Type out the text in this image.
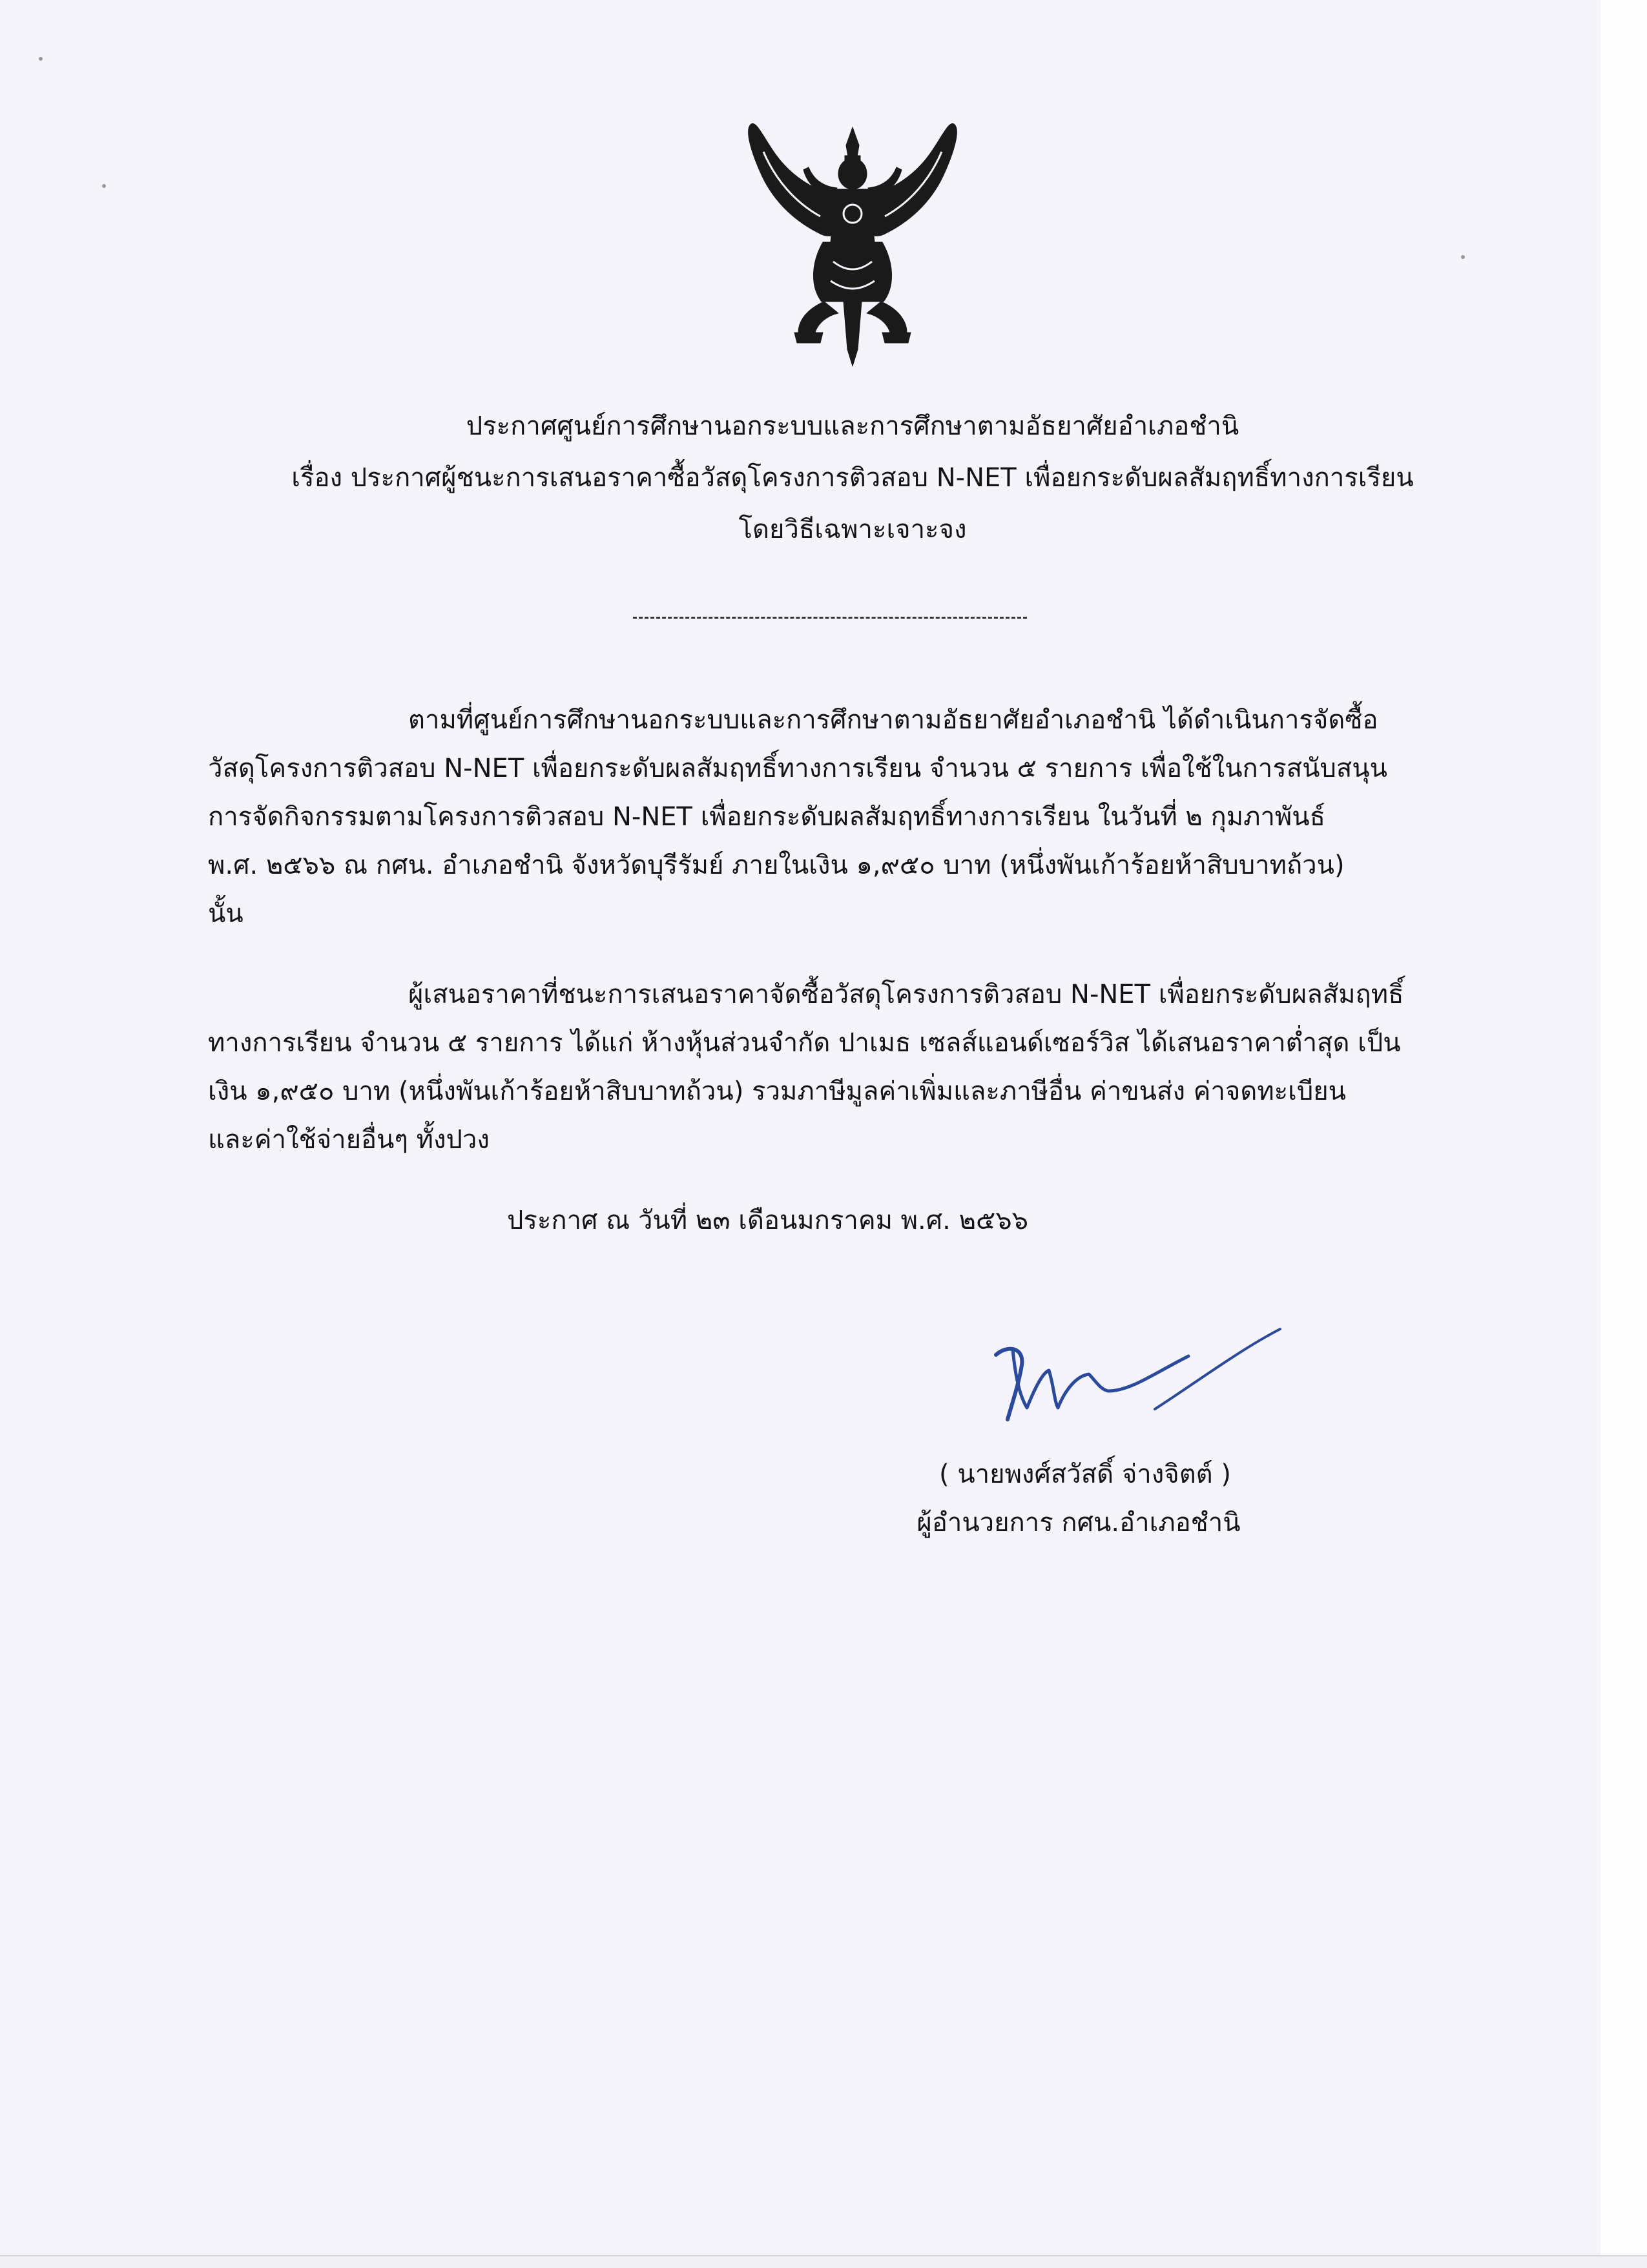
ประกาศศูนย์การศึกษานอกระบบและการศึกษาตามอัธยาศัยอำเภอชำนิ
เรื่อง ประกาศผู้ชนะการเสนอราคาซื้อวัสดุโครงการติวสอบ N-NET เพื่อยกระดับผลสัมฤทธิ์ทางการเรียน
โดยวิธีเฉพาะเจาะจง
ตามที่ศูนย์การศึกษานอกระบบและการศึกษาตามอัธยาศัยอำเภอชำนิ ได้ดำเนินการจัดซื้อ
วัสดุโครงการติวสอบ N-NET เพื่อยกระดับผลสัมฤทธิ์ทางการเรียน จำนวน ๕ รายการ เพื่อใช้ในการสนับสนุน
การจัดกิจกรรมตามโครงการติวสอบ N-NET เพื่อยกระดับผลสัมฤทธิ์ทางการเรียน ในวันที่ ๒ กุมภาพันธ์
พ.ศ. ๒๕๖๖ ณ กศน. อำเภอชำนิ จังหวัดบุรีรัมย์ ภายในเงิน ๑,๙๕๐ บาท (หนึ่งพันเก้าร้อยห้าสิบบาทถ้วน)
นั้น
ผู้เสนอราคาที่ชนะการเสนอราคาจัดซื้อวัสดุโครงการติวสอบ N-NET เพื่อยกระดับผลสัมฤทธิ์
ทางการเรียน จำนวน ๕ รายการ ได้แก่ ห้างหุ้นส่วนจำกัด ปาเมธ เซลส์แอนด์เซอร์วิส ได้เสนอราคาต่ำสุด เป็น
เงิน ๑,๙๕๐ บาท (หนึ่งพันเก้าร้อยห้าสิบบาทถ้วน) รวมภาษีมูลค่าเพิ่มและภาษีอื่น ค่าขนส่ง ค่าจดทะเบียน
และค่าใช้จ่ายอื่นๆ ทั้งปวง
ประกาศ ณ วันที่ ๒๓ เดือนมกราคม พ.ศ. ๒๕๖๖
( นายพงศ์สวัสดิ์ จ่างจิตต์ )
ผู้อำนวยการ กศน.อำเภอชำนิ
